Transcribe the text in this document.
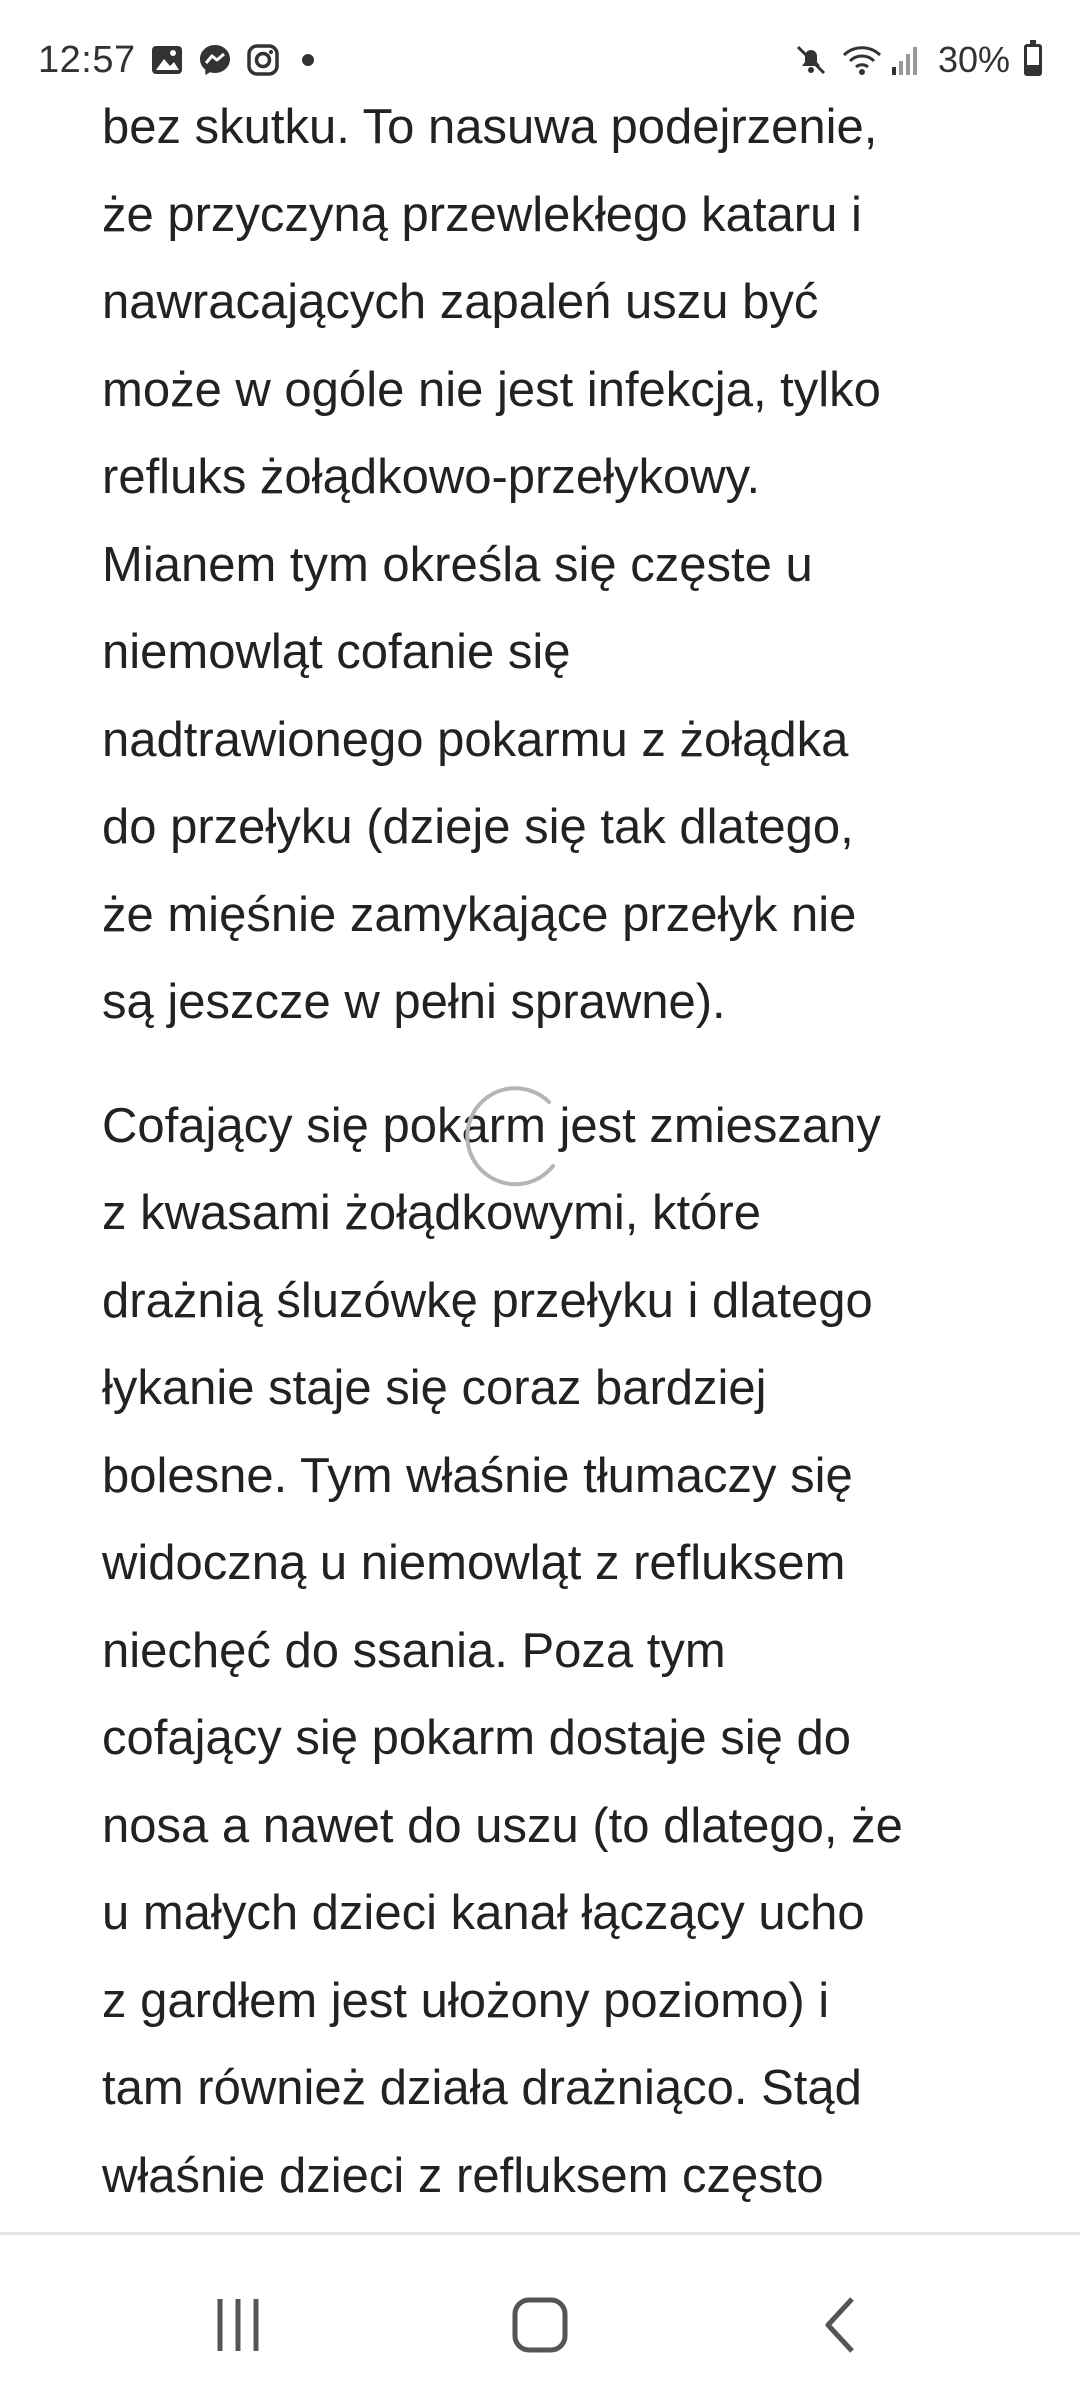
12:57	30%

bez skutku. To nasuwa podejrzenie,
że przyczyną przewlekłego kataru i
nawracających zapaleń uszu być
może w ogóle nie jest infekcja, tylko
refluks żołądkowo-przełykowy.
Mianem tym określa się częste u
niemowląt cofanie się
nadtrawionego pokarmu z żołądka
do przełyku (dzieje się tak dlatego,
że mięśnie zamykające przełyk nie
są jeszcze w pełni sprawne).

Cofający się pokarm jest zmieszany
z kwasami żołądkowymi, które
drażnią śluzówkę przełyku i dlatego
łykanie staje się coraz bardziej
bolesne. Tym właśnie tłumaczy się
widoczną u niemowląt z refluksem
niechęć do ssania. Poza tym
cofający się pokarm dostaje się do
nosa a nawet do uszu (to dlatego, że
u małych dzieci kanał łączący ucho
z gardłem jest ułożony poziomo) i
tam również działa drażniąco. Stąd
właśnie dzieci z refluksem często
